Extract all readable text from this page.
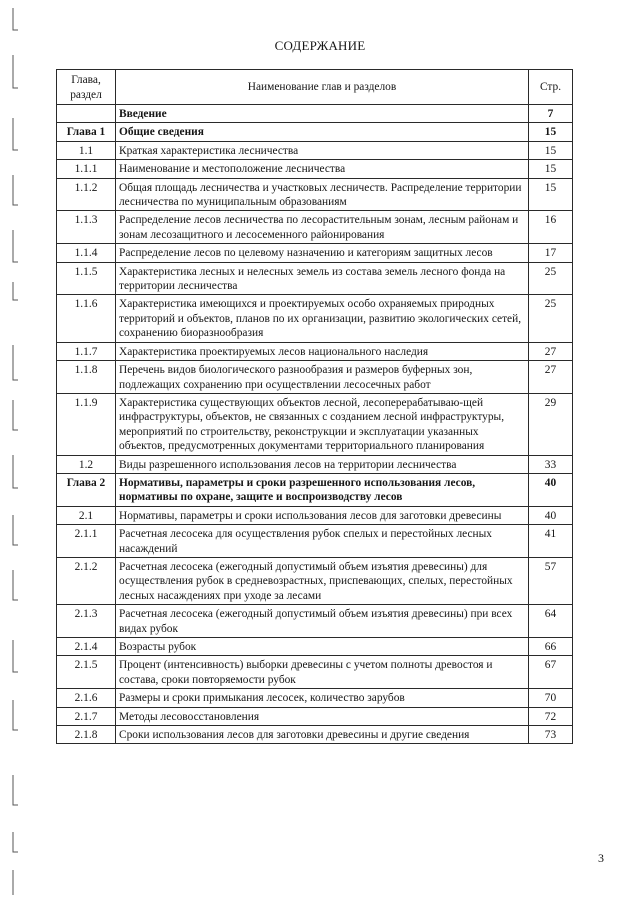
СОДЕРЖАНИЕ
Глава, раздел	Наименование глав и разделов	Стр.
	Введение	7
Глава 1	Общие сведения	15
1.1	Краткая характеристика лесничества	15
1.1.1	Наименование и местоположение лесничества	15
1.1.2	Общая площадь лесничества и участковых лесничеств. Распределение территории лесничества по муниципальным образованиям	15
1.1.3	Распределение лесов лесничества по лесорастительным зонам, лесным районам и зонам лесозащитного и лесосеменного районирования	16
1.1.4	Распределение лесов по целевому назначению и категориям защитных лесов	17
1.1.5	Характеристика лесных и нелесных земель из состава земель лесного фонда на территории лесничества	25
1.1.6	Характеристика имеющихся и проектируемых особо охраняемых природных территорий и объектов, планов по их организации, развитию экологических сетей, сохранению биоразнообразия	25
1.1.7	Характеристика проектируемых лесов национального наследия	27
1.1.8	Перечень видов биологического разнообразия и размеров буферных зон, подлежащих сохранению при осуществлении лесосечных работ	27
1.1.9	Характеристика существующих объектов лесной, лесоперерабатываю-щей инфраструктуры, объектов, не связанных с созданием лесной инфраструктуры, мероприятий по строительству, реконструкции и эксплуатации указанных объектов, предусмотренных документами территориального планирования	29
1.2	Виды разрешенного использования лесов на территории лесничества	33
Глава 2	Нормативы, параметры и сроки разрешенного использования лесов, нормативы по охране, защите и воспроизводству лесов	40
2.1	Нормативы, параметры и сроки использования лесов для заготовки древесины	40
2.1.1	Расчетная лесосека для осуществления рубок спелых и перестойных лесных насаждений	41
2.1.2	Расчетная лесосека (ежегодный допустимый объем изъятия древесины) для осуществления рубок в средневозрастных, приспевающих, спелых, перестойных лесных насаждениях при уходе за лесами	57
2.1.3	Расчетная лесосека (ежегодный допустимый объем изъятия древесины) при всех видах рубок	64
2.1.4	Возрасты рубок	66
2.1.5	Процент (интенсивность) выборки древесины с учетом полноты древостоя и состава, сроки повторяемости рубок	67
2.1.6	Размеры и сроки примыкания лесосек, количество зарубов	70
2.1.7	Методы лесовосстановления	72
2.1.8	Сроки использования лесов для заготовки древесины и другие сведения	73
3
